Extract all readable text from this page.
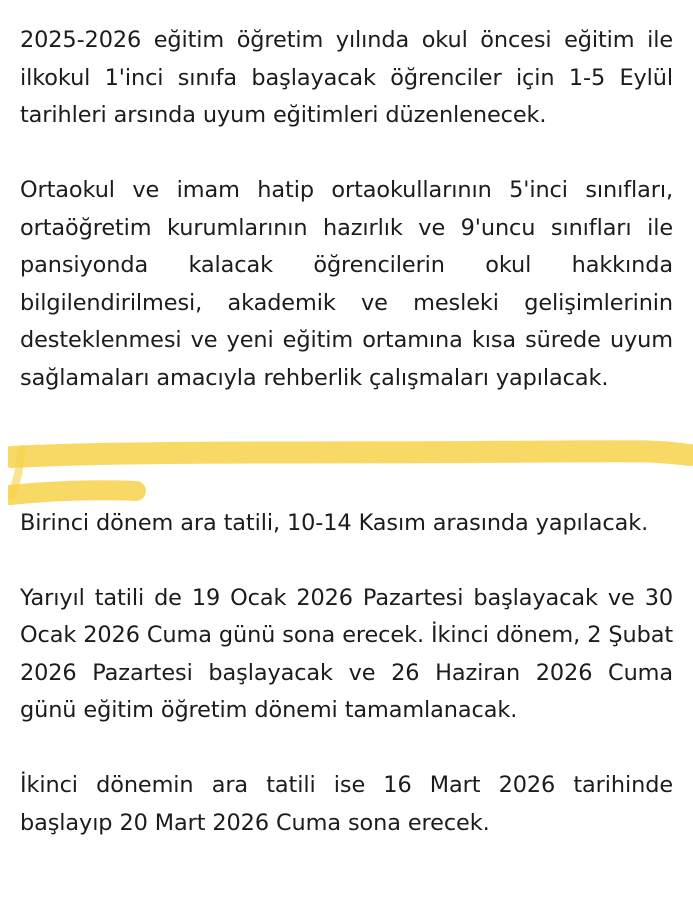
2025-2026 eğitim öğretim yılında okul öncesi eğitim ile ilkokul 1'inci sınıfa başlayacak öğrenciler için 1-5 Eylül tarihleri arsında uyum eğitimleri düzenlenecek.

Ortaokul ve imam hatip ortaokullarının 5'inci sınıfları, ortaöğretim kurumlarının hazırlık ve 9'uncu sınıfları ile pansiyonda kalacak öğrencilerin okul hakkında bilgilendirilmesi, akademik ve mesleki gelişimlerinin desteklenmesi ve yeni eğitim ortamına kısa sürede uyum sağlamaları amacıyla rehberlik çalışmaları yapılacak.

Birinci dönem ara tatili, 10-14 Kasım arasında yapılacak.

Yarıyıl tatili de 19 Ocak 2026 Pazartesi başlayacak ve 30 Ocak 2026 Cuma günü sona erecek. İkinci dönem, 2 Şubat 2026 Pazartesi başlayacak ve 26 Haziran 2026 Cuma günü eğitim öğretim dönemi tamamlanacak.

İkinci dönemin ara tatili ise 16 Mart 2026 tarihinde başlayıp 20 Mart 2026 Cuma sona erecek.
